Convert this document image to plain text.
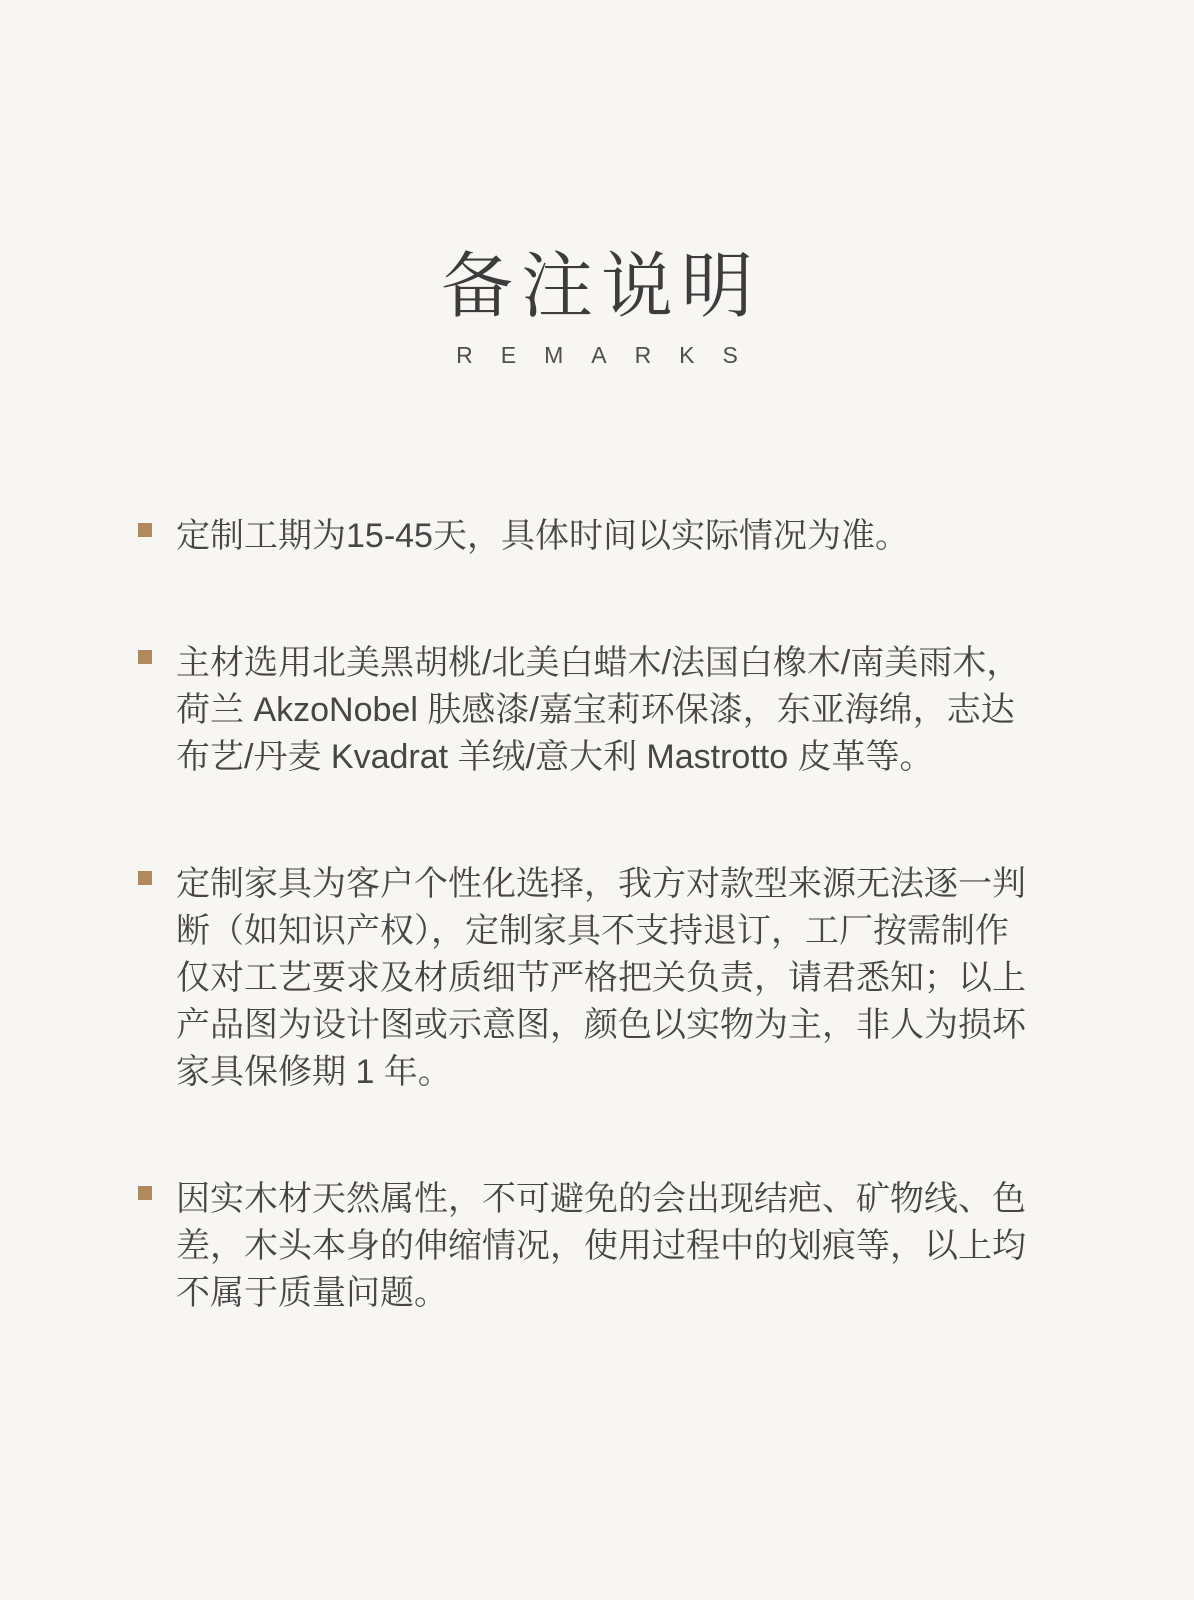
备注说明
REMARKS

定制工期为15-45天，具体时间以实际情况为准。

主材选用北美黑胡桃/北美白蜡木/法国白橡木/南美雨木，荷兰 AkzoNobel 肤感漆/嘉宝莉环保漆，东亚海绵，志达布艺/丹麦 Kvadrat 羊绒/意大利 Mastrotto 皮革等。

定制家具为客户个性化选择，我方对款型来源无法逐一判断（如知识产权），定制家具不支持退订，工厂按需制作仅对工艺要求及材质细节严格把关负责，请君悉知；以上产品图为设计图或示意图，颜色以实物为主，非人为损坏家具保修期 1 年。

因实木材天然属性，不可避免的会出现结疤、矿物线、色差，木头本身的伸缩情况，使用过程中的划痕等，以上均不属于质量问题。
